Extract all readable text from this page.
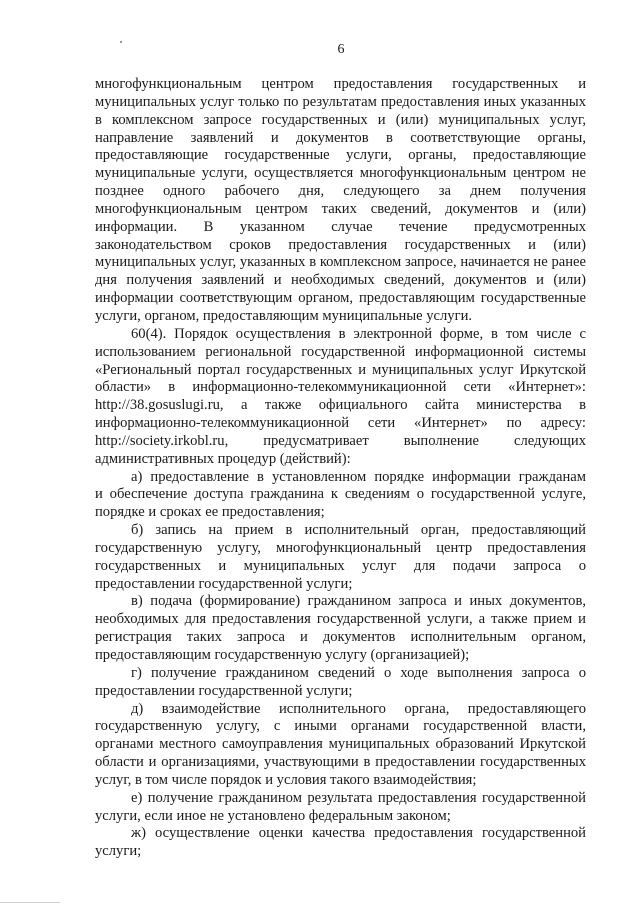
6
многофункциональным центром предоставления государственных и
муниципальных услуг только по результатам предоставления иных указанных
в комплексном запросе государственных и (или) муниципальных услуг,
направление заявлений и документов в соответствующие органы,
предоставляющие государственные услуги, органы, предоставляющие
муниципальные услуги, осуществляется многофункциональным центром не
позднее одного рабочего дня, следующего за днем получения
многофункциональным центром таких сведений, документов и (или)
информации. В указанном случае течение предусмотренных
законодательством сроков предоставления государственных и (или)
муниципальных услуг, указанных в комплексном запросе, начинается не ранее
дня получения заявлений и необходимых сведений, документов и (или)
информации соответствующим органом, предоставляющим государственные
услуги, органом, предоставляющим муниципальные услуги.
60(4). Порядок осуществления в электронной форме, в том числе с
использованием региональной государственной информационной системы
«Региональный портал государственных и муниципальных услуг Иркутской
области» в информационно-телекоммуникационной сети «Интернет»:
http://38.gosuslugi.ru, а также официального сайта министерства в
информационно-телекоммуникационной сети «Интернет» по адресу:
http://society.irkobl.ru, предусматривает выполнение следующих
административных процедур (действий):
а) предоставление в установленном порядке информации гражданам
и обеспечение доступа гражданина к сведениям о государственной услуге,
порядке и сроках ее предоставления;
б) запись на прием в исполнительный орган, предоставляющий
государственную услугу, многофункциональный центр предоставления
государственных и муниципальных услуг для подачи запроса о
предоставлении государственной услуги;
в) подача (формирование) гражданином запроса и иных документов,
необходимых для предоставления государственной услуги, а также прием и
регистрация таких запроса и документов исполнительным органом,
предоставляющим государственную услугу (организацией);
г) получение гражданином сведений о ходе выполнения запроса о
предоставлении государственной услуги;
д) взаимодействие исполнительного органа, предоставляющего
государственную услугу, с иными органами государственной власти,
органами местного самоуправления муниципальных образований Иркутской
области и организациями, участвующими в предоставлении государственных
услуг, в том числе порядок и условия такого взаимодействия;
е) получение гражданином результата предоставления государственной
услуги, если иное не установлено федеральным законом;
ж) осуществление оценки качества предоставления государственной
услуги;
